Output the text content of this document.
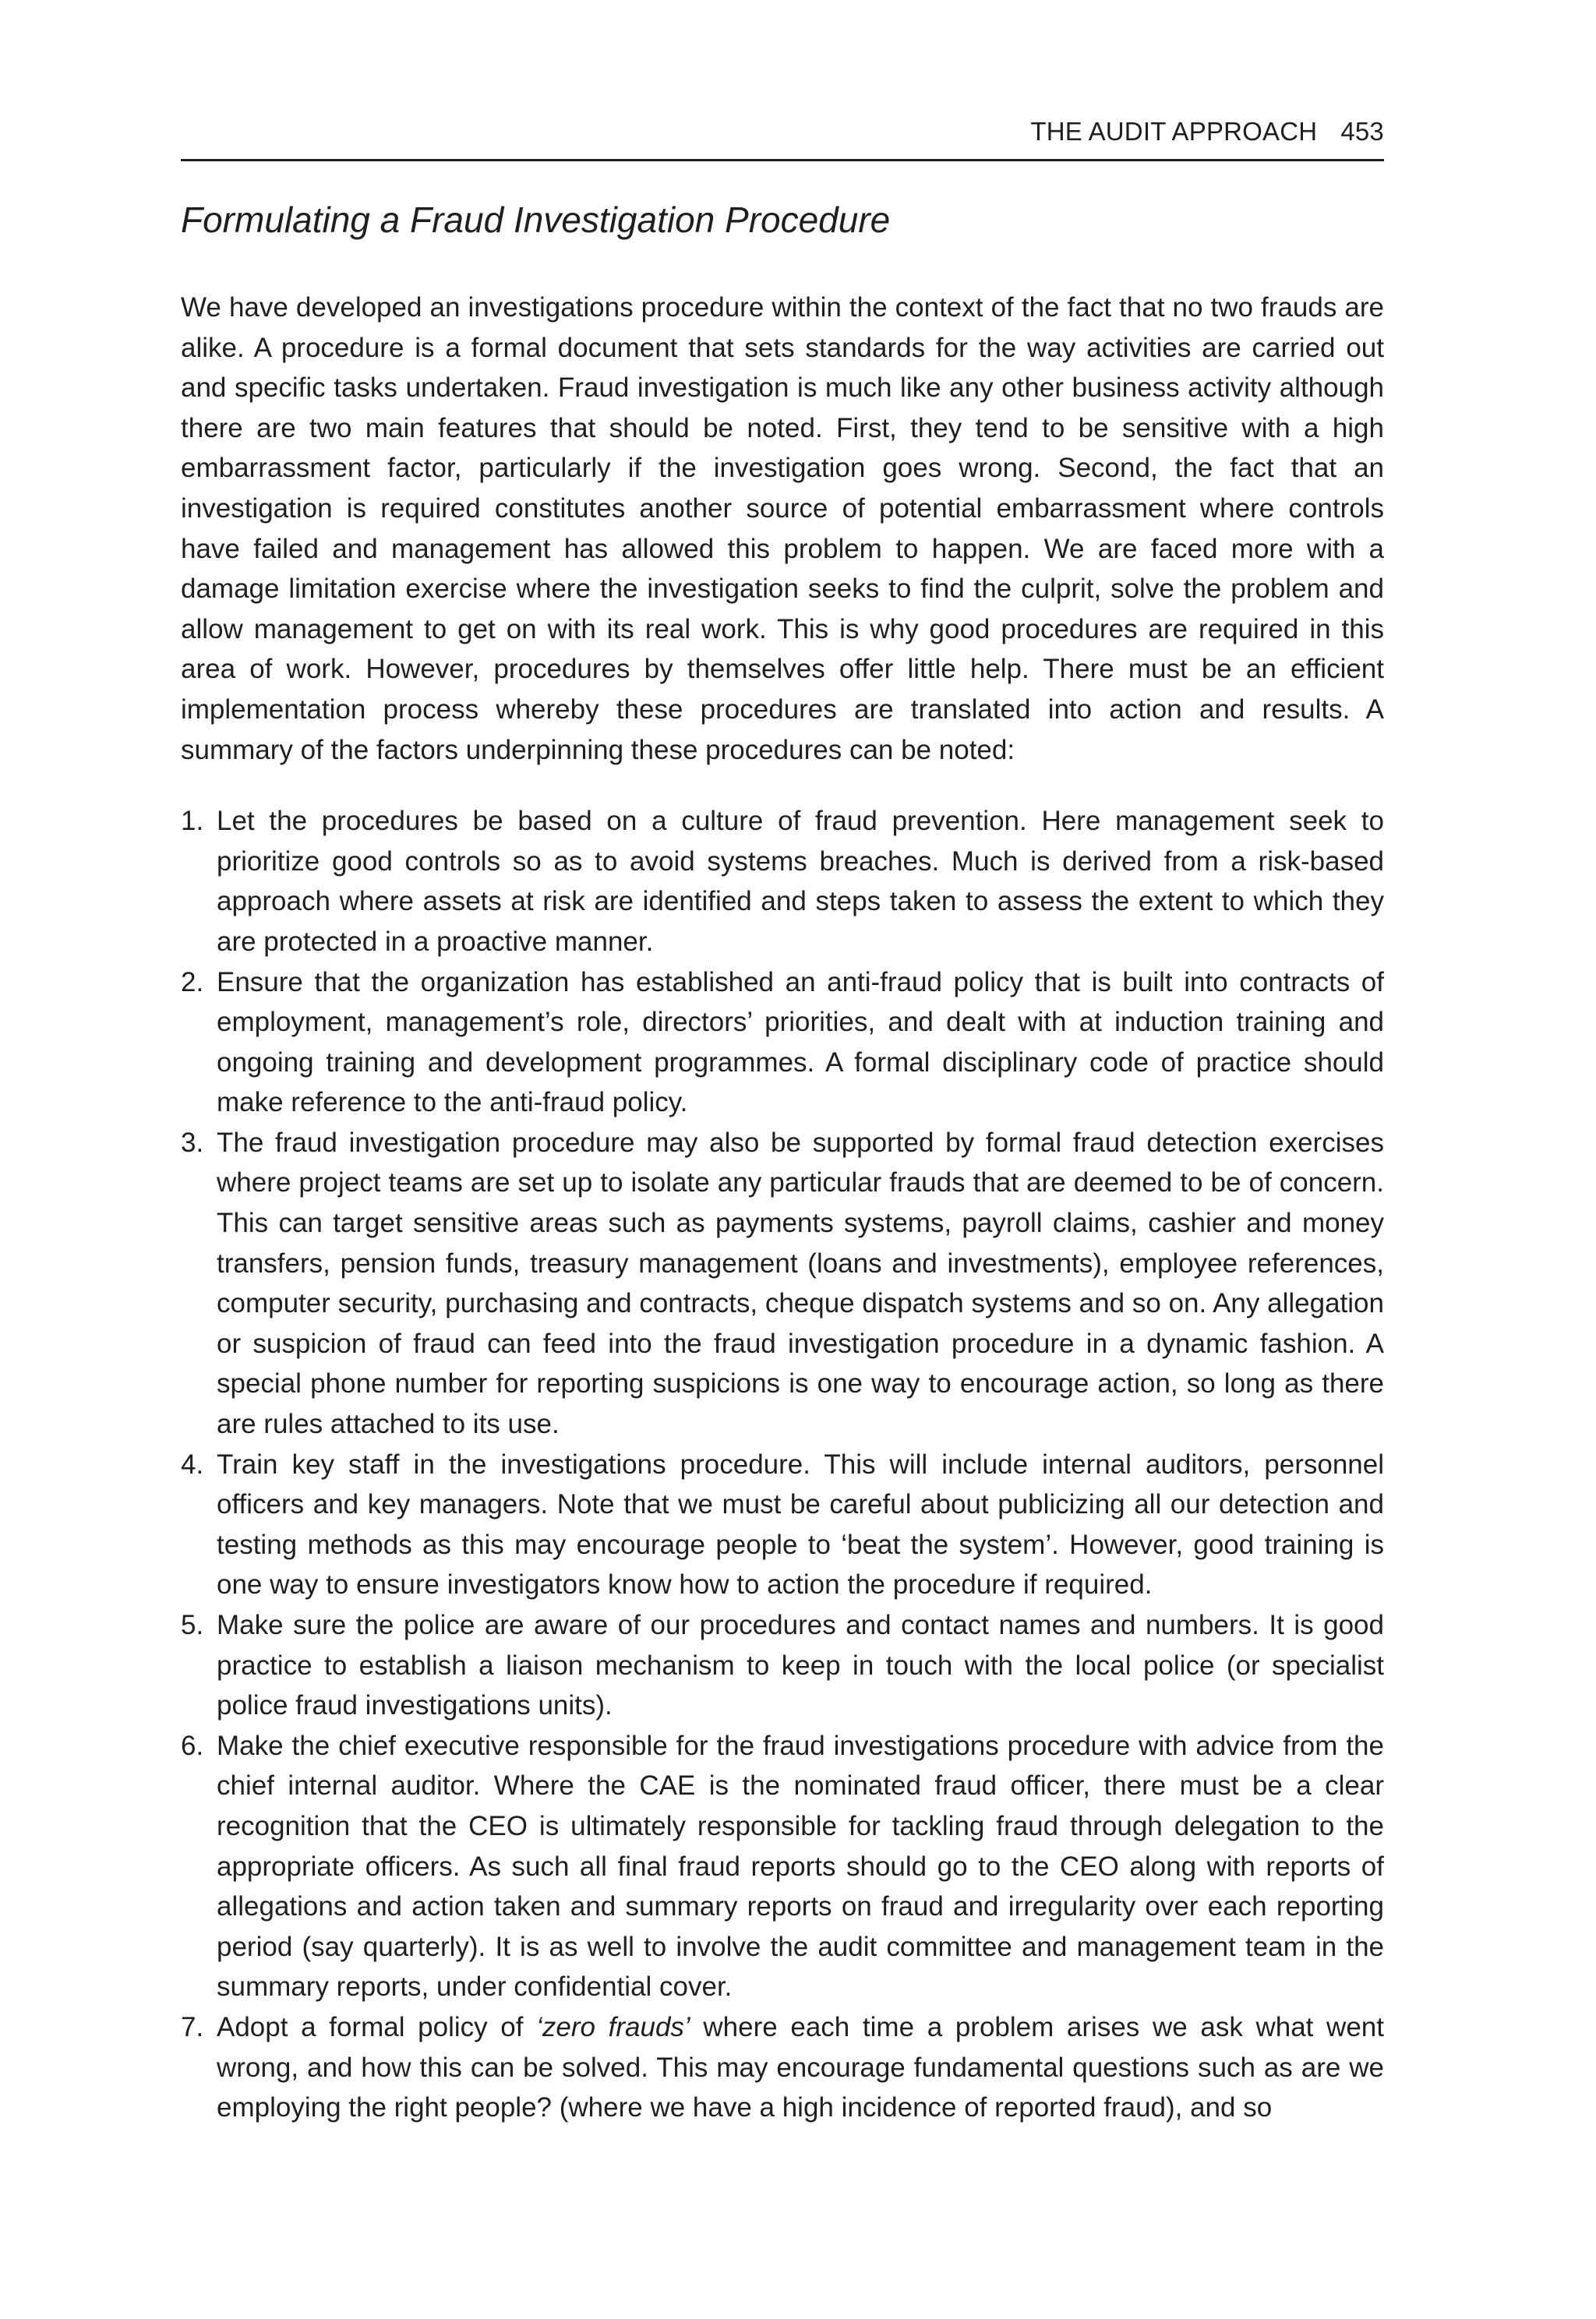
THE AUDIT APPROACH 453
Formulating a Fraud Investigation Procedure

We have developed an investigations procedure within the context of the fact that no two frauds are alike. A procedure is a formal document that sets standards for the way activities are carried out and specific tasks undertaken. Fraud investigation is much like any other business activity although there are two main features that should be noted. First, they tend to be sensitive with a high embarrassment factor, particularly if the investigation goes wrong. Second, the fact that an investigation is required constitutes another source of potential embarrassment where controls have failed and management has allowed this problem to happen. We are faced more with a damage limitation exercise where the investigation seeks to find the culprit, solve the problem and allow management to get on with its real work. This is why good procedures are required in this area of work. However, procedures by themselves offer little help. There must be an efficient implementation process whereby these procedures are translated into action and results. A summary of the factors underpinning these procedures can be noted:

1. Let the procedures be based on a culture of fraud prevention. Here management seek to prioritize good controls so as to avoid systems breaches. Much is derived from a risk-based approach where assets at risk are identified and steps taken to assess the extent to which they are protected in a proactive manner.
2. Ensure that the organization has established an anti-fraud policy that is built into contracts of employment, management’s role, directors’ priorities, and dealt with at induction training and ongoing training and development programmes. A formal disciplinary code of practice should make reference to the anti-fraud policy.
3. The fraud investigation procedure may also be supported by formal fraud detection exercises where project teams are set up to isolate any particular frauds that are deemed to be of concern. This can target sensitive areas such as payments systems, payroll claims, cashier and money transfers, pension funds, treasury management (loans and investments), employee references, computer security, purchasing and contracts, cheque dispatch systems and so on. Any allegation or suspicion of fraud can feed into the fraud investigation procedure in a dynamic fashion. A special phone number for reporting suspicions is one way to encourage action, so long as there are rules attached to its use.
4. Train key staff in the investigations procedure. This will include internal auditors, personnel officers and key managers. Note that we must be careful about publicizing all our detection and testing methods as this may encourage people to ‘beat the system’. However, good training is one way to ensure investigators know how to action the procedure if required.
5. Make sure the police are aware of our procedures and contact names and numbers. It is good practice to establish a liaison mechanism to keep in touch with the local police (or specialist police fraud investigations units).
6. Make the chief executive responsible for the fraud investigations procedure with advice from the chief internal auditor. Where the CAE is the nominated fraud officer, there must be a clear recognition that the CEO is ultimately responsible for tackling fraud through delegation to the appropriate officers. As such all final fraud reports should go to the CEO along with reports of allegations and action taken and summary reports on fraud and irregularity over each reporting period (say quarterly). It is as well to involve the audit committee and management team in the summary reports, under confidential cover.
7. Adopt a formal policy of ‘zero frauds’ where each time a problem arises we ask what went wrong, and how this can be solved. This may encourage fundamental questions such as are we employing the right people? (where we have a high incidence of reported fraud), and so
